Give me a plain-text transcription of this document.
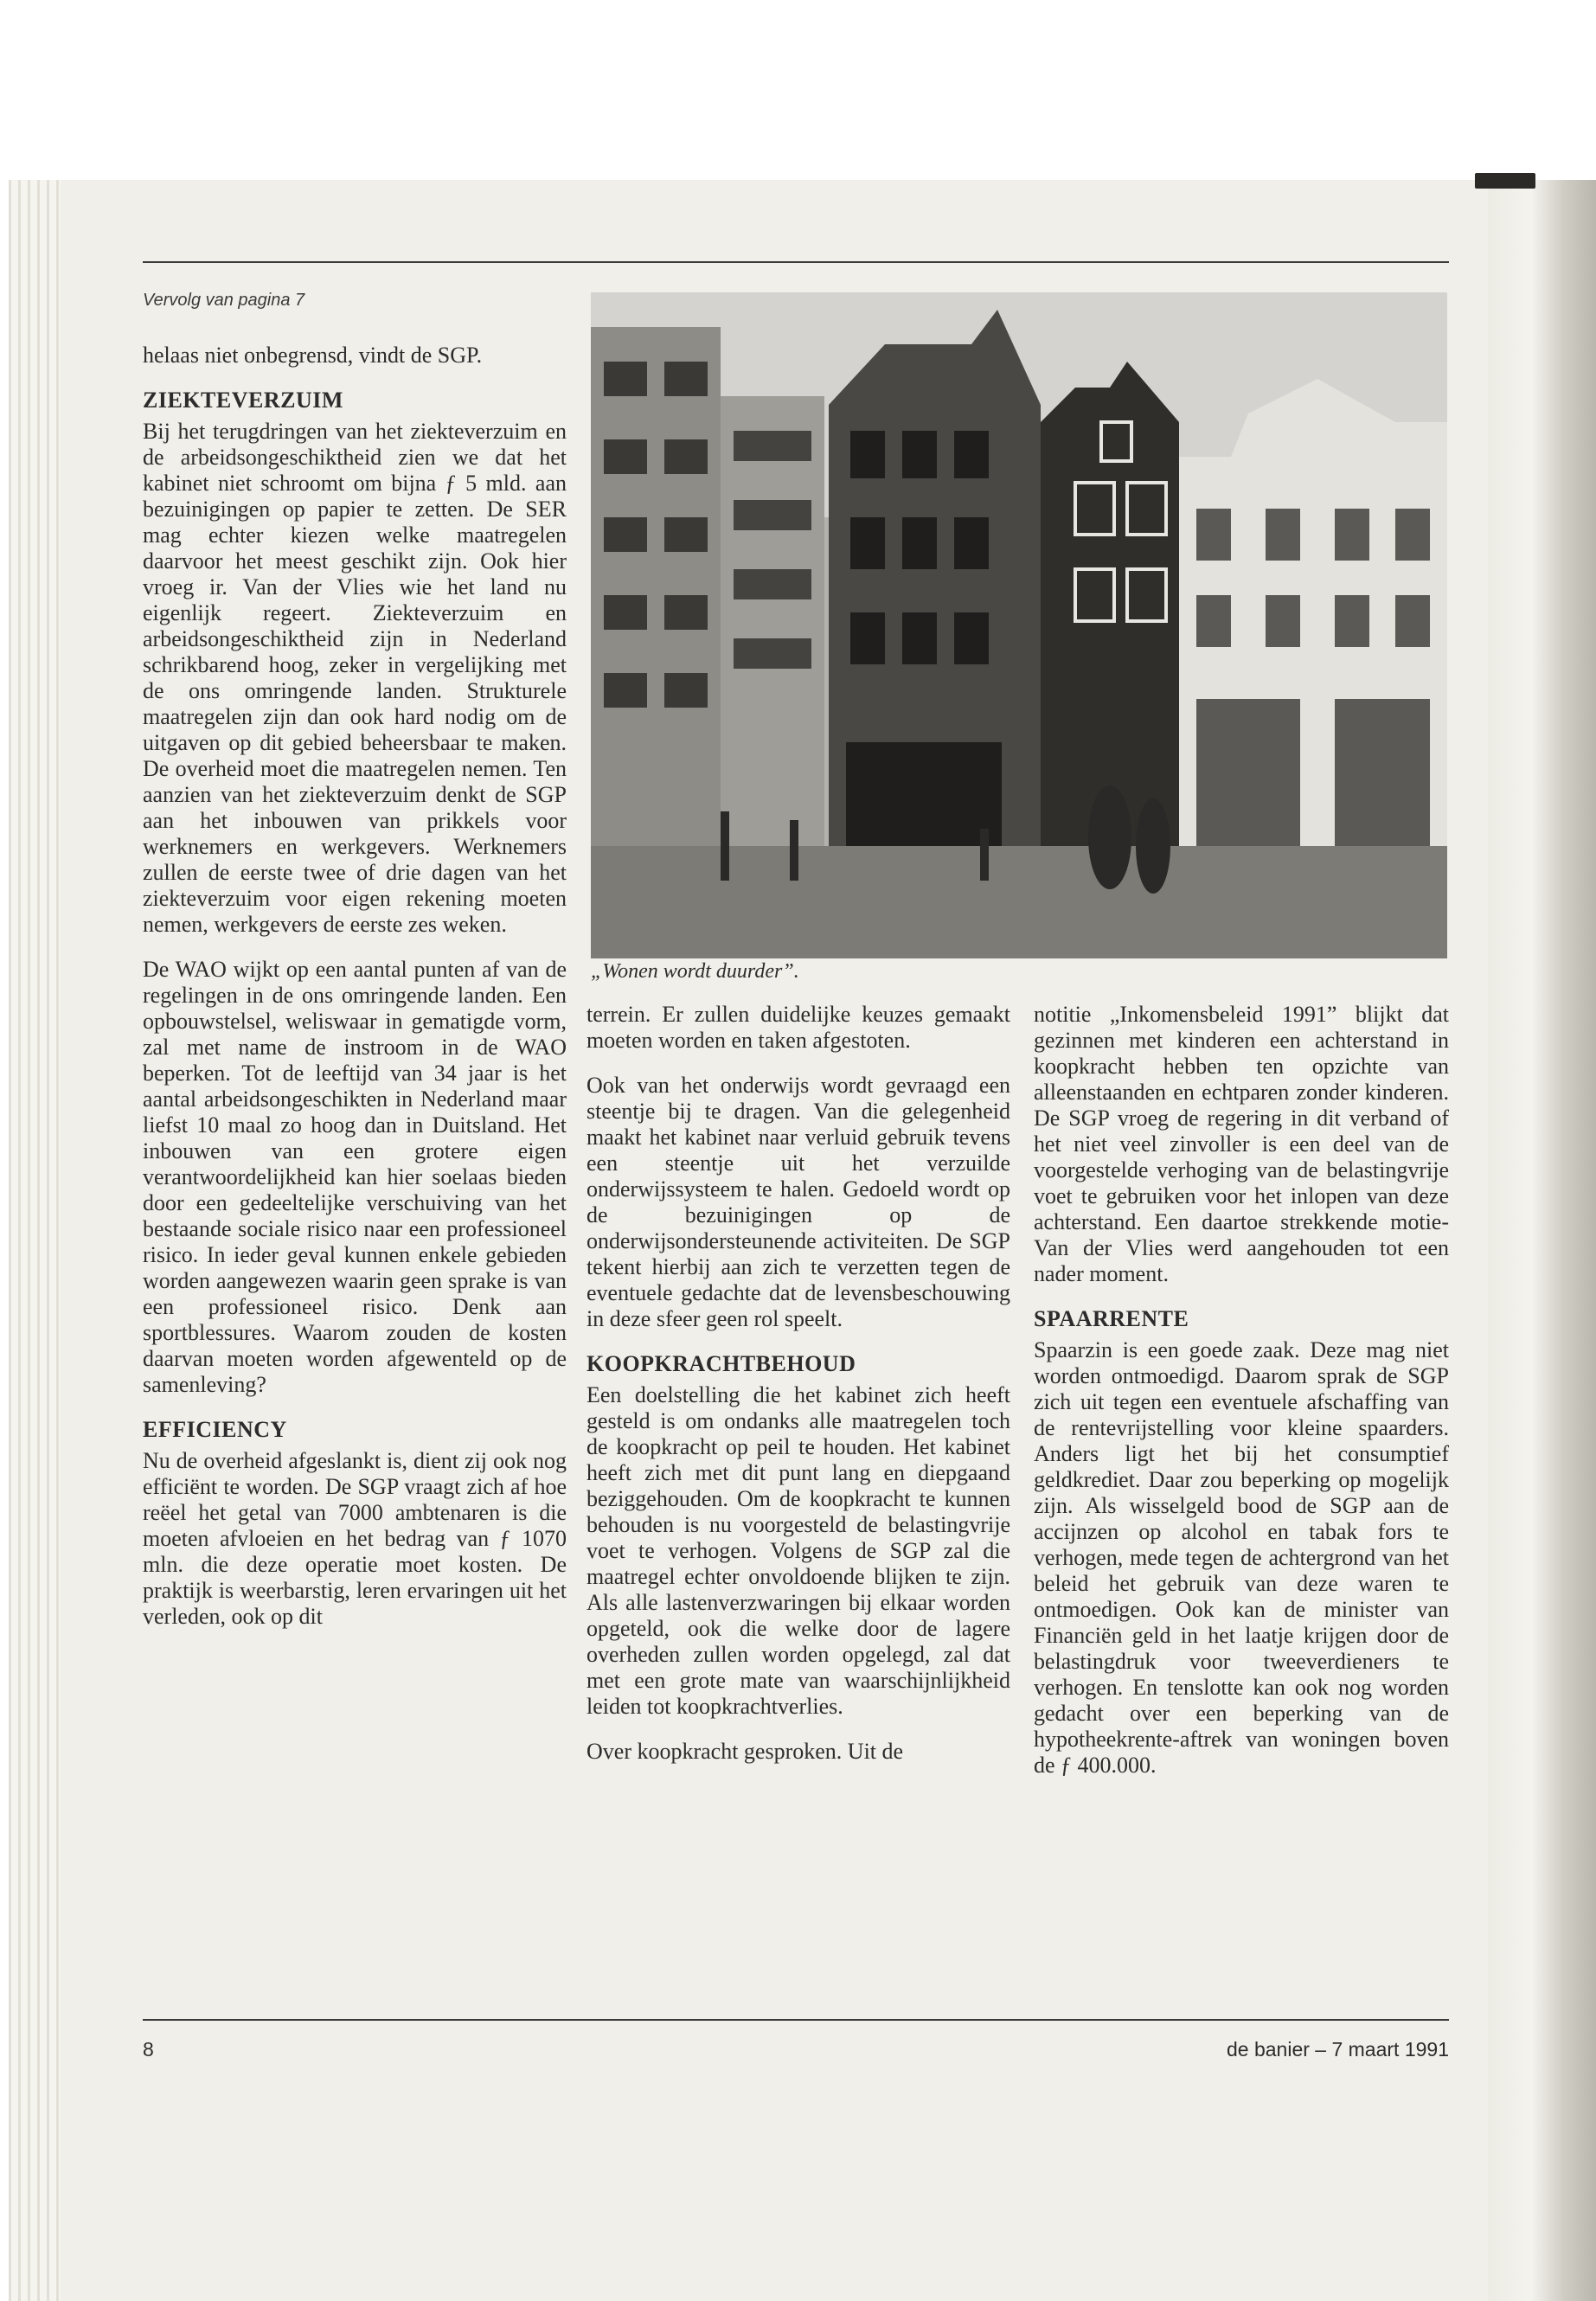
Vervolg van pagina 7

helaas niet onbegrensd, vindt de SGP.

ZIEKTEVERZUIM

Bij het terugdringen van het ziekteverzuim en de arbeidsongeschiktheid zien we dat het kabinet niet schroomt om bijna ƒ 5 mld. aan bezuinigingen op papier te zetten. De SER mag echter kiezen welke maatregelen daarvoor het meest geschikt zijn. Ook hier vroeg ir. Van der Vlies wie het land nu eigenlijk regeert. Ziekteverzuim en arbeidsongeschiktheid zijn in Nederland schrikbarend hoog, zeker in vergelijking met de ons omringende landen. Strukturele maatregelen zijn dan ook hard nodig om de uitgaven op dit gebied beheersbaar te maken. De overheid moet die maatregelen nemen. Ten aanzien van het ziekteverzuim denkt de SGP aan het inbouwen van prikkels voor werknemers en werkgevers. Werknemers zullen de eerste twee of drie dagen van het ziekteverzuim voor eigen rekening moeten nemen, werkgevers de eerste zes weken.

De WAO wijkt op een aantal punten af van de regelingen in de ons omringende landen. Een opbouwstelsel, weliswaar in gematigde vorm, zal met name de instroom in de WAO beperken. Tot de leeftijd van 34 jaar is het aantal arbeidsongeschikten in Nederland maar liefst 10 maal zo hoog dan in Duitsland. Het inbouwen van een grotere eigen verantwoordelijkheid kan hier soelaas bieden door een gedeeltelijke verschuiving van het bestaande sociale risico naar een professioneel risico. In ieder geval kunnen enkele gebieden worden aangewezen waarin geen sprake is van een professioneel risico. Denk aan sportblessures. Waarom zouden de kosten daarvan moeten worden afgewenteld op de samenleving?

EFFICIENCY

Nu de overheid afgeslankt is, dient zij ook nog efficiënt te worden. De SGP vraagt zich af hoe reëel het getal van 7000 ambtenaren is die moeten afvloeien en het bedrag van ƒ 1070 mln. die deze operatie moet kosten. De praktijk is weerbarstig, leren ervaringen uit het verleden, ook op dit

„Wonen wordt duurder”.

terrein. Er zullen duidelijke keuzes gemaakt moeten worden en taken afgestoten.

Ook van het onderwijs wordt gevraagd een steentje bij te dragen. Van die gelegenheid maakt het kabinet naar verluid gebruik tevens een steentje uit het verzuilde onderwijssysteem te halen. Gedoeld wordt op de bezuinigingen op de onderwijsondersteunende activiteiten. De SGP tekent hierbij aan zich te verzetten tegen de eventuele gedachte dat de levensbeschouwing in deze sfeer geen rol speelt.

KOOPKRACHTBEHOUD

Een doelstelling die het kabinet zich heeft gesteld is om ondanks alle maatregelen toch de koopkracht op peil te houden. Het kabinet heeft zich met dit punt lang en diepgaand beziggehouden. Om de koopkracht te kunnen behouden is nu voorgesteld de belastingvrije voet te verhogen. Volgens de SGP zal die maatregel echter onvoldoende blijken te zijn. Als alle lastenverzwaringen bij elkaar worden opgeteld, ook die welke door de lagere overheden zullen worden opgelegd, zal dat met een grote mate van waarschijnlijkheid leiden tot koopkrachtverlies.

Over koopkracht gesproken. Uit de

notitie „Inkomensbeleid 1991” blijkt dat gezinnen met kinderen een achterstand in koopkracht hebben ten opzichte van alleenstaanden en echtparen zonder kinderen. De SGP vroeg de regering in dit verband of het niet veel zinvoller is een deel van de voorgestelde verhoging van de belastingvrije voet te gebruiken voor het inlopen van deze achterstand. Een daartoe strekkende motie-Van der Vlies werd aangehouden tot een nader moment.

SPAARRENTE

Spaarzin is een goede zaak. Deze mag niet worden ontmoedigd. Daarom sprak de SGP zich uit tegen een eventuele afschaffing van de rentevrijstelling voor kleine spaarders. Anders ligt het bij het consumptief geldkrediet. Daar zou beperking op mogelijk zijn. Als wisselgeld bood de SGP aan de accijnzen op alcohol en tabak fors te verhogen, mede tegen de achtergrond van het beleid het gebruik van deze waren te ontmoedigen. Ook kan de minister van Financiën geld in het laatje krijgen door de belastingdruk voor tweeverdieners te verhogen. En tenslotte kan ook nog worden gedacht over een beperking van de hypotheekrente-aftrek van woningen boven de ƒ 400.000.

8	de banier – 7 maart 1991
